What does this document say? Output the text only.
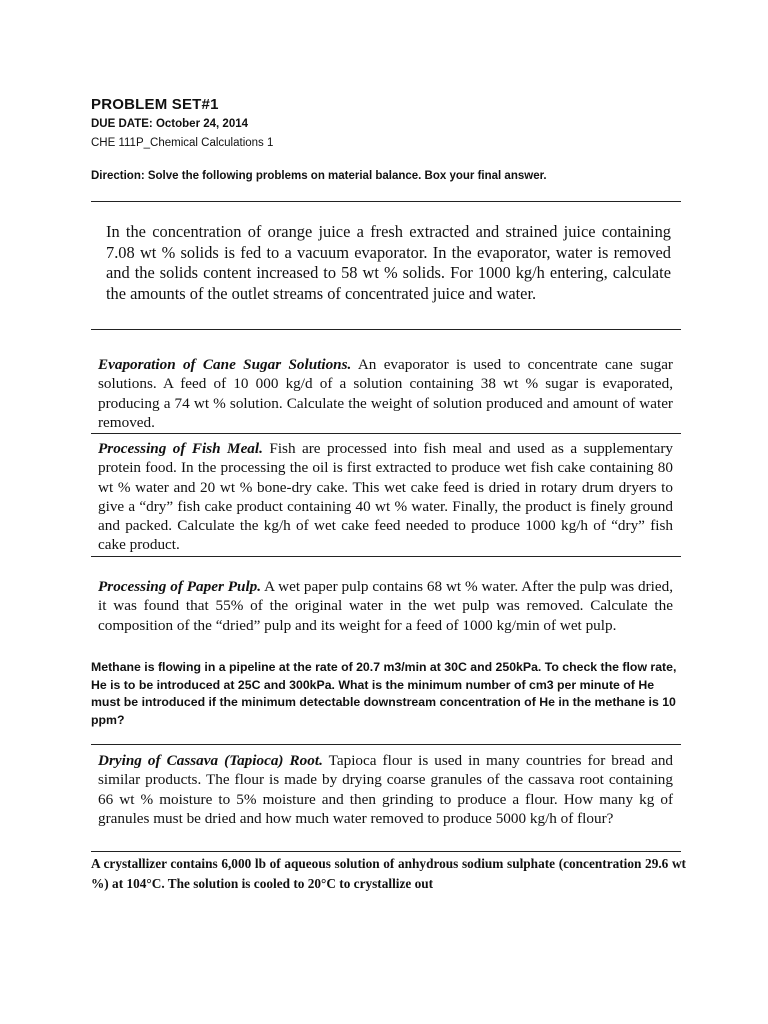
PROBLEM SET#1
DUE DATE: October 24, 2014
CHE 111P_Chemical Calculations 1
Direction: Solve the following problems on material balance. Box your final answer.
In the concentration of orange juice a fresh extracted and strained juice containing 7.08 wt % solids is fed to a vacuum evaporator. In the evaporator, water is removed and the solids content increased to 58 wt % solids. For 1000 kg/h entering, calculate the amounts of the outlet streams of concentrated juice and water.
Evaporation of Cane Sugar Solutions. An evaporator is used to concentrate cane sugar solutions. A feed of 10 000 kg/d of a solution containing 38 wt % sugar is evaporated, producing a 74 wt % solution. Calculate the weight of solution produced and amount of water removed.
Processing of Fish Meal. Fish are processed into fish meal and used as a supplementary protein food. In the processing the oil is first extracted to produce wet fish cake containing 80 wt % water and 20 wt % bone-dry cake. This wet cake feed is dried in rotary drum dryers to give a “dry” fish cake product containing 40 wt % water. Finally, the product is finely ground and packed. Calculate the kg/h of wet cake feed needed to produce 1000 kg/h of “dry” fish cake product.
Processing of Paper Pulp. A wet paper pulp contains 68 wt % water. After the pulp was dried, it was found that 55% of the original water in the wet pulp was removed. Calculate the composition of the “dried” pulp and its weight for a feed of 1000 kg/min of wet pulp.
Methane is flowing in a pipeline at the rate of 20.7 m3/min at 30C and 250kPa. To check the flow rate, He is to be introduced at 25C and 300kPa. What is the minimum number of cm3 per minute of He must be introduced if the minimum detectable downstream concentration of He in the methane is 10 ppm?
Drying of Cassava (Tapioca) Root. Tapioca flour is used in many countries for bread and similar products. The flour is made by drying coarse granules of the cassava root containing 66 wt % moisture to 5% moisture and then grinding to produce a flour. How many kg of granules must be dried and how much water removed to produce 5000 kg/h of flour?
A crystallizer contains 6,000 lb of aqueous solution of anhydrous sodium sulphate (concentration 29.6 wt %) at 104°C. The solution is cooled to 20°C to crystallize out
